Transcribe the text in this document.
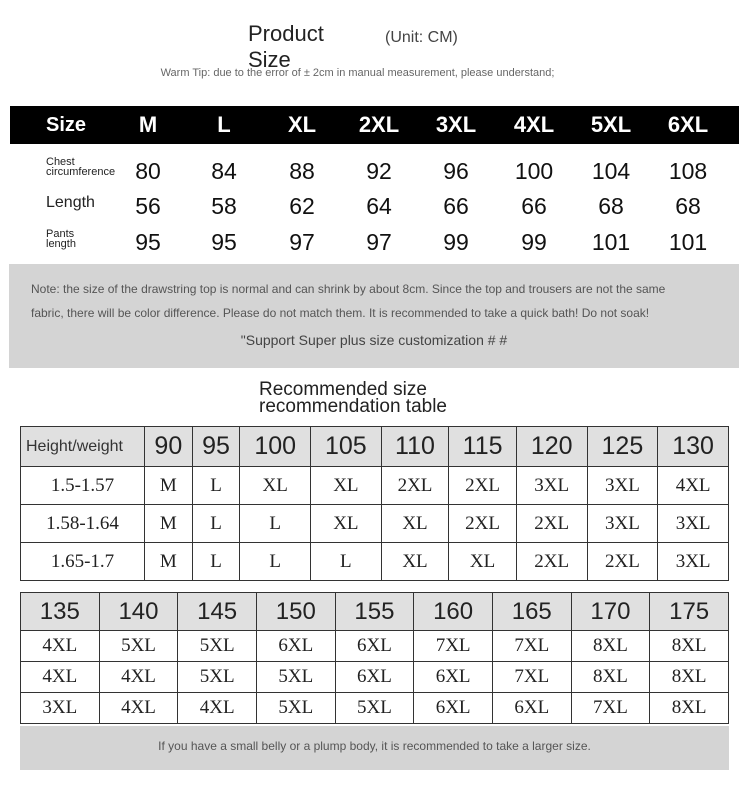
Product
Size
(Unit: CM)
Warm Tip: due to the error of ± 2cm in manual measurement, please understand;
Size	M	L	XL	2XL	3XL	4XL	5XL	6XL
Chest circumference 80	84	88	92	96	100	104	108
Length	56	58	62	64	66	66	68	68
Pants length	95	95	97	97	99	99	101	101
Note: the size of the drawstring top is normal and can shrink by about 8cm. Since the top and trousers are not the same
fabric, there will be color difference. Please do not match them. It is recommended to take a quick bath! Do not soak!
"Support Super plus size customization # #
Recommended size
recommendation table
Height/weight	90	95	100	105	110	115	120	125	130
1.5-1.57	M	L	XL	XL	2XL	2XL	3XL	3XL	4XL
1.58-1.64	M	L	L	XL	XL	2XL	2XL	3XL	3XL
1.65-1.7	M	L	L	L	XL	XL	2XL	2XL	3XL
135	140	145	150	155	160	165	170	175
4XL	5XL	5XL	6XL	6XL	7XL	7XL	8XL	8XL
4XL	4XL	5XL	5XL	6XL	6XL	7XL	8XL	8XL
3XL	4XL	4XL	5XL	5XL	6XL	6XL	7XL	8XL
If you have a small belly or a plump body, it is recommended to take a larger size.
